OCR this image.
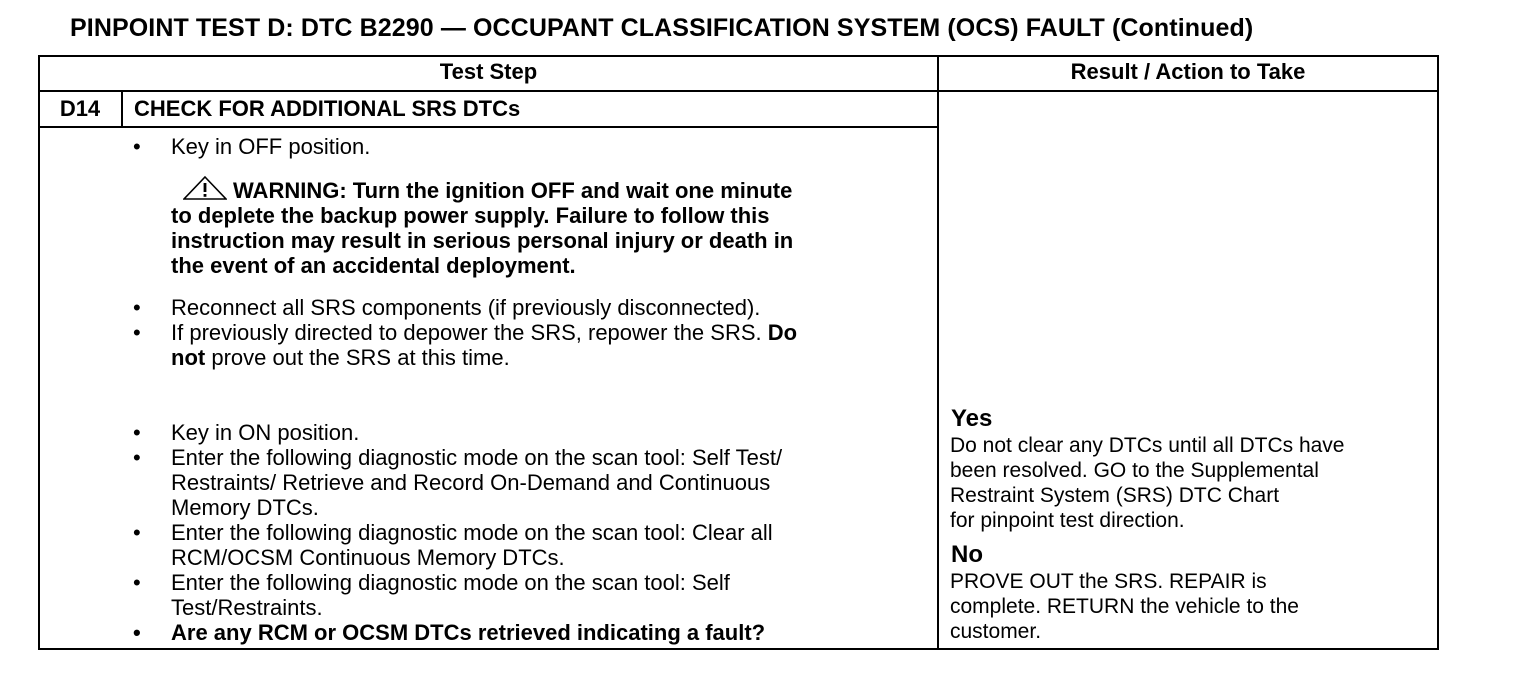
PINPOINT TEST D: DTC B2290 — OCCUPANT CLASSIFICATION SYSTEM (OCS) FAULT (Continued)
Test Step	Result / Action to Take
D14	CHECK FOR ADDITIONAL SRS DTCs
• Key in OFF position.
WARNING: Turn the ignition OFF and wait one minute
to deplete the backup power supply. Failure to follow this
instruction may result in serious personal injury or death in
the event of an accidental deployment.
• Reconnect all SRS components (if previously disconnected).
• If previously directed to depower the SRS, repower the SRS. Do
not prove out the SRS at this time.
• Key in ON position.
• Enter the following diagnostic mode on the scan tool: Self Test/
Restraints/ Retrieve and Record On-Demand and Continuous
Memory DTCs.
• Enter the following diagnostic mode on the scan tool: Clear all
RCM/OCSM Continuous Memory DTCs.
• Enter the following diagnostic mode on the scan tool: Self
Test/Restraints.
• Are any RCM or OCSM DTCs retrieved indicating a fault?
Yes
Do not clear any DTCs until all DTCs have
been resolved. GO to the Supplemental
Restraint System (SRS) DTC Chart
for pinpoint test direction.
No
PROVE OUT the SRS. REPAIR is
complete. RETURN the vehicle to the
customer.
